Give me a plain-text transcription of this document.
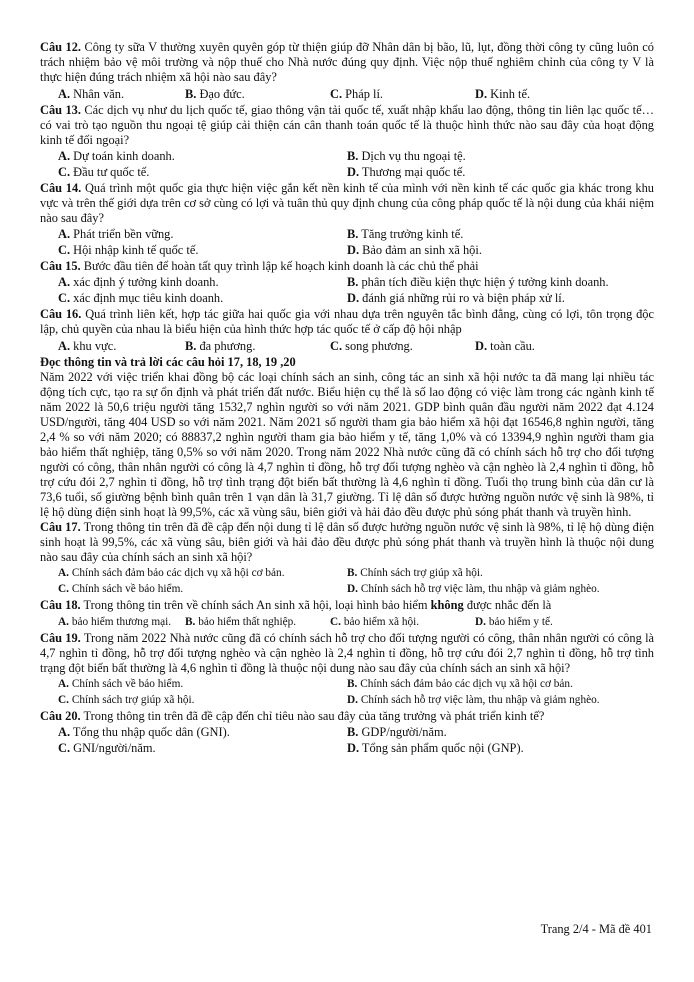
Câu 12. Công ty sữa V thường xuyên quyên góp từ thiện giúp đỡ Nhân dân bị bão, lũ, lụt, đồng thời công ty cũng luôn có trách nhiệm bảo vệ môi trường và nộp thuế cho Nhà nước đúng quy định. Việc nộp thuế nghiêm chỉnh của công ty V là thực hiện đúng trách nhiệm xã hội nào sau đây?

A. Nhân văn.	B. Đạo đức.	C. Pháp lí.	D. Kinh tế.

Câu 13. Các dịch vụ như du lịch quốc tế, giao thông vận tải quốc tế, xuất nhập khẩu lao động, thông tin liên lạc quốc tế…có vai trò tạo nguồn thu ngoại tệ giúp cải thiện cán cân thanh toán quốc tế là thuộc hình thức nào sau đây của hoạt động kinh tế đối ngoại?

A. Dự toán kinh doanh.	B. Dịch vụ thu ngoại tệ.
C. Đầu tư quốc tế.	D. Thương mại quốc tế.

Câu 14. Quá trình một quốc gia thực hiện việc gắn kết nền kinh tế của mình với nền kinh tế các quốc gia khác trong khu vực và trên thế giới dựa trên cơ sở cùng có lợi và tuân thủ quy định chung của công pháp quốc tế là nội dung của khái niệm nào sau đây?

A. Phát triển bền vững.	B. Tăng trưởng kinh tế.
C. Hội nhập kinh tế quốc tế.	D. Bảo đảm an sinh xã hội.

Câu 15. Bước đầu tiên để hoàn tất quy trình lập kế hoạch kinh doanh là các chủ thể phải

A. xác định ý tưởng kinh doanh.	B. phân tích điều kiện thực hiện ý tưởng kinh doanh.
C. xác định mục tiêu kinh doanh.	D. đánh giá những rủi ro và biện pháp xử lí.

Câu 16. Quá trình liên kết, hợp tác giữa hai quốc gia với nhau dựa trên nguyên tắc bình đẳng, cùng có lợi, tôn trọng độc lập, chủ quyền của nhau là biểu hiện của hình thức hợp tác quốc tế ở cấp độ hội nhập

A. khu vực.	B. đa phương.	C. song phương.	D. toàn cầu.

Đọc thông tin và trả lời các câu hỏi 17, 18, 19 ,20

Năm 2022 với việc triển khai đồng bộ các loại chính sách an sinh, công tác an sinh xã hội nước ta đã mang lại nhiều tác động tích cực, tạo ra sự ổn định và phát triển đất nước. Biểu hiện cụ thể là số lao động có việc làm trong các ngành kinh tế năm 2022 là 50,6 triệu người tăng 1532,7 nghìn người so với năm 2021. GDP bình quân đầu người năm 2022 đạt 4.124 USD/người, tăng 404 USD so với năm 2021. Năm 2021 số người tham gia bảo hiểm xã hội đạt 16546,8 nghìn người, tăng 2,4 % so với năm 2020; có 88837,2 nghìn người tham gia bảo hiểm y tế, tăng 1,0% và có 13394,9 nghìn người tham gia bảo hiểm thất nghiệp, tăng 0,5% so với năm 2020. Trong năm 2022 Nhà nước cũng đã có chính sách hỗ trợ cho đối tượng người có công, thân nhân người có công là 4,7 nghìn tỉ đồng, hỗ trợ đối tượng nghèo và cận nghèo là 2,4 nghìn tỉ đồng, hỗ trợ cứu đói 2,7 nghìn tỉ đồng, hỗ trợ tình trạng đột biến bất thường là 4,6 nghìn tỉ đồng. Tuổi thọ trung bình của dân cư là 73,6 tuổi, số giường bệnh bình quân trên 1 vạn dân là 31,7 giường. Tỉ lệ dân số được hưởng nguồn nước vệ sinh là 98%, tỉ lệ hộ dùng điện sinh hoạt là 99,5%, các xã vùng sâu, biên giới và hải đảo đều được phủ sóng phát thanh và truyền hình.

Câu 17. Trong thông tin trên đã đề cập đến nội dung tỉ lệ dân số được hưởng nguồn nước vệ sinh là 98%, tỉ lệ hộ dùng điện sinh hoạt là 99,5%, các xã vùng sâu, biên giới và hải đảo đều được phủ sóng phát thanh và truyền hình là thuộc nội dung nào sau đây của chính sách an sinh xã hội?

A. Chính sách đảm bảo các dịch vụ xã hội cơ bản.	B. Chính sách trợ giúp xã hội.
C. Chính sách về bảo hiểm.	D. Chính sách hỗ trợ việc làm, thu nhập và giảm nghèo.

Câu 18. Trong thông tin trên về chính sách An sinh xã hội, loại hình bảo hiểm không được nhắc đến là

A. bảo hiểm thương mại.	B. bảo hiểm thất nghiệp.	C. bảo hiểm xã hội.	D. bảo hiểm y tế.

Câu 19. Trong năm 2022 Nhà nước cũng đã có chính sách hỗ trợ cho đối tượng người có công, thân nhân người có công là 4,7 nghìn tỉ đồng, hỗ trợ đối tượng nghèo và cận nghèo là 2,4 nghìn tỉ đồng, hỗ trợ cứu đói 2,7 nghìn tỉ đồng, hỗ trợ tình trạng đột biến bất thường là 4,6 nghìn tỉ đồng là thuộc nội dung nào sau đây của chính sách an sinh xã hội?

A. Chính sách về bảo hiểm.	B. Chính sách đảm bảo các dịch vụ xã hội cơ bản.
C. Chính sách trợ giúp xã hội.	D. Chính sách hỗ trợ việc làm, thu nhập và giảm nghèo.

Câu 20. Trong thông tin trên đã đề cập đến chỉ tiêu nào sau đây của tăng trưởng và phát triển kinh tế?

A. Tổng thu nhập quốc dân (GNI).	B. GDP/người/năm.
C. GNI/người/năm.	D. Tổng sản phẩm quốc nội (GNP).
Trang 2/4 - Mã đề 401
